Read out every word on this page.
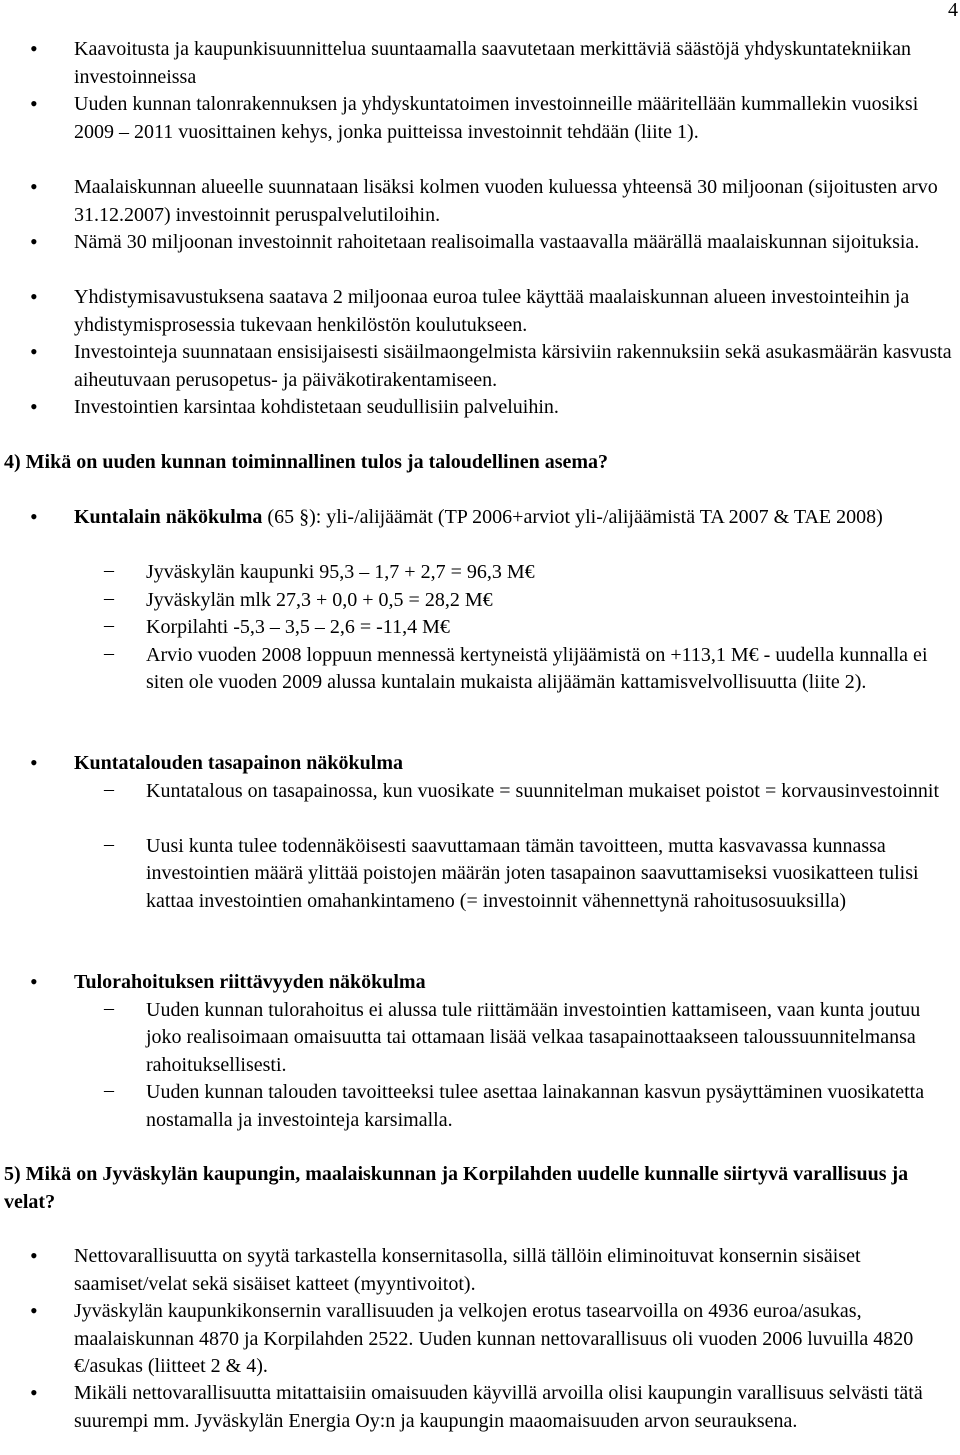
4
• Kaavoitusta ja kaupunkisuunnittelua suuntaamalla saavutetaan merkittäviä säästöjä yhdyskuntatekniikan investoinneissa
• Uuden kunnan talonrakennuksen ja yhdyskuntatoimen investoinneille määritellään kummallekin vuosiksi 2009 – 2011 vuosittainen kehys, jonka puitteissa investoinnit tehdään (liite 1).
• Maalaiskunnan alueelle suunnataan lisäksi kolmen vuoden kuluessa yhteensä 30 miljoonan (sijoitusten arvo 31.12.2007) investoinnit peruspalvelutiloihin.
• Nämä 30 miljoonan investoinnit rahoitetaan realisoimalla vastaavalla määrällä maalaiskunnan sijoituksia.
• Yhdistymisavustuksena saatava 2 miljoonaa euroa tulee käyttää maalaiskunnan alueen investointeihin ja yhdistymisprosessia tukevaan henkilöstön koulutukseen.
• Investointeja suunnataan ensisijaisesti sisäilmaongelmista kärsiviin rakennuksiin sekä asukasmäärän kasvusta aiheutuvaan perusopetus- ja päiväkotirakentamiseen.
• Investointien karsintaa kohdistetaan seudullisiin palveluihin.
4) Mikä on uuden kunnan toiminnallinen tulos ja taloudellinen asema?
• Kuntalain näkökulma (65 §): yli-/alijäämät (TP 2006+arviot yli-/alijäämistä TA 2007 & TAE 2008)
– Jyväskylän kaupunki 95,3 – 1,7 + 2,7 = 96,3 M€
– Jyväskylän mlk 27,3 + 0,0 + 0,5 = 28,2 M€
– Korpilahti -5,3 – 3,5 – 2,6 = -11,4 M€
– Arvio vuoden 2008 loppuun mennessä kertyneistä ylijäämistä on +113,1 M€ - uudella kunnalla ei siten ole vuoden 2009 alussa kuntalain mukaista alijäämän kattamisvelvollisuutta (liite 2).
• Kuntatalouden tasapainon näkökulma
– Kuntatalous on tasapainossa, kun vuosikate = suunnitelman mukaiset poistot = korvausinvestoinnit
– Uusi kunta tulee todennäköisesti saavuttamaan tämän tavoitteen, mutta kasvavassa kunnassa investointien määrä ylittää poistojen määrän joten tasapainon saavuttamiseksi vuosikatteen tulisi kattaa investointien omahankintameno (= investoinnit vähennettynä rahoitusosuuksilla)
• Tulorahoituksen riittävyyden näkökulma
– Uuden kunnan tulorahoitus ei alussa tule riittämään investointien kattamiseen, vaan kunta joutuu joko realisoimaan omaisuutta tai ottamaan lisää velkaa tasapainottaakseen taloussuunnitelmansa rahoituksellisesti.
– Uuden kunnan talouden tavoitteeksi tulee asettaa lainakannan kasvun pysäyttäminen vuosikatetta nostamalla ja investointeja karsimalla.
5) Mikä on Jyväskylän kaupungin, maalaiskunnan ja Korpilahden uudelle kunnalle siirtyvä varallisuus ja velat?
• Nettovarallisuutta on syytä tarkastella konsernitasolla, sillä tällöin eliminoituvat konsernin sisäiset saamiset/velat sekä sisäiset katteet (myyntivoitot).
• Jyväskylän kaupunkikonsernin varallisuuden ja velkojen erotus tasearvoilla on 4936 euroa/asukas, maalaiskunnan 4870 ja Korpilahden 2522. Uuden kunnan nettovarallisuus oli vuoden 2006 luvuilla 4820 €/asukas (liitteet 2 & 4).
• Mikäli nettovarallisuutta mitattaisiin omaisuuden käyvillä arvoilla olisi kaupungin varallisuus selvästi tätä suurempi mm. Jyväskylän Energia Oy:n ja kaupungin maaomaisuuden arvon seurauksena.
